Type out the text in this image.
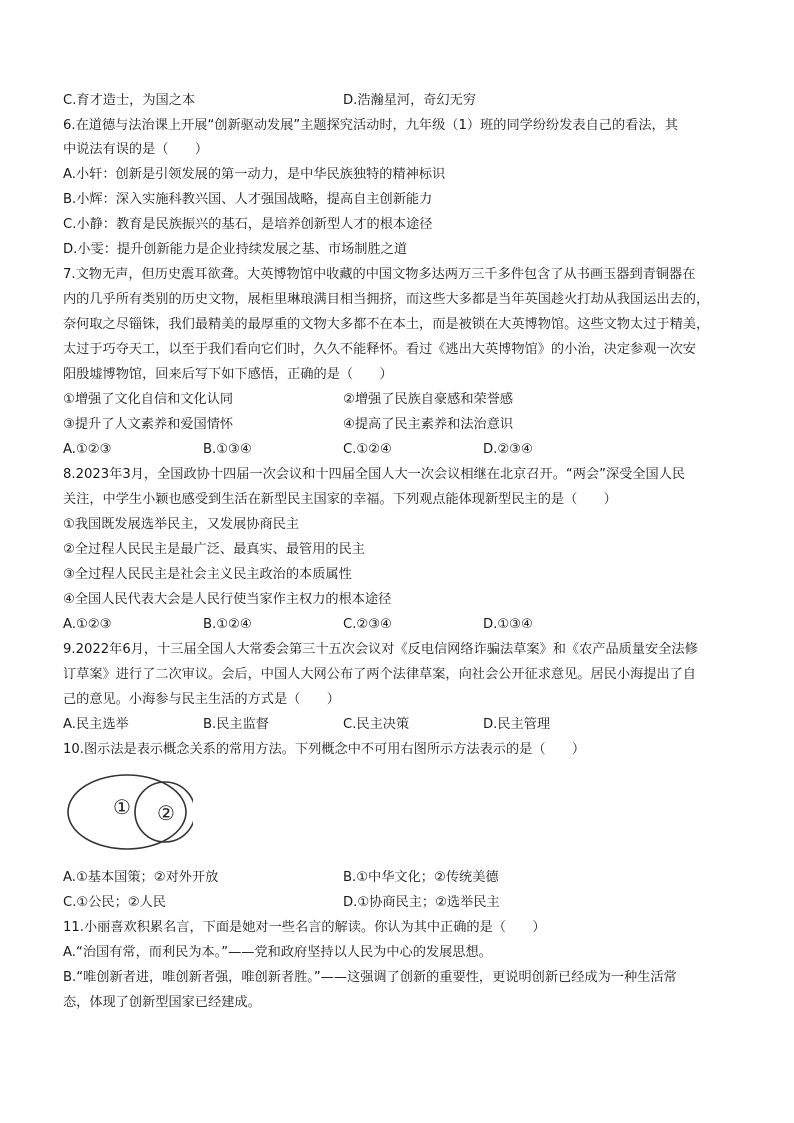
C.育才造士，为国之本	D.浩瀚星河，奇幻无穷
6.在道德与法治课上开展“创新驱动发展”主题探究活动时，九年级（1）班的同学纷纷发表自己的看法，其
中说法有误的是（　　）
A.小轩：创新是引领发展的第一动力，是中华民族独特的精神标识
B.小辉：深入实施科教兴国、人才强国战略，提高自主创新能力
C.小静：教育是民族振兴的基石，是培养创新型人才的根本途径
D.小雯：提升创新能力是企业持续发展之基、市场制胜之道
7.文物无声，但历史震耳欲聋。大英博物馆中收藏的中国文物多达两万三千多件包含了从书画玉器到青铜器在
内的几乎所有类别的历史文物，展柜里琳琅满目相当拥挤，而这些大多都是当年英国趁火打劫从我国运出去的，
奈何取之尽锱铢，我们最精美的最厚重的文物大多都不在本土，而是被锁在大英博物馆。这些文物太过于精美，
太过于巧夺天工，以至于我们看向它们时，久久不能释怀。看过《逃出大英博物馆》的小治，决定参观一次安
阳殷墟博物馆，回来后写下如下感悟，正确的是（　　）
①增强了文化自信和文化认同	②增强了民族自豪感和荣誉感
③提升了人文素养和爱国情怀	④提高了民主素养和法治意识
A.①②③	B.①③④	C.①②④	D.②③④
8.2023年3月，全国政协十四届一次会议和十四届全国人大一次会议相继在北京召开。“两会”深受全国人民
关注，中学生小颖也感受到生活在新型民主国家的幸福。下列观点能体现新型民主的是（　　）
①我国既发展选举民主，又发展协商民主
②全过程人民民主是最广泛、最真实、最管用的民主
③全过程人民民主是社会主义民主政治的本质属性
④全国人民代表大会是人民行使当家作主权力的根本途径
A.①②③	B.①②④	C.②③④	D.①③④
9.2022年6月，十三届全国人大常委会第三十五次会议对《反电信网络诈骗法草案》和《农产品质量安全法修
订草案》进行了二次审议。会后，中国人大网公布了两个法律草案，向社会公开征求意见。居民小海提出了自
己的意见。小海参与民主生活的方式是（　　）
A.民主选举	B.民主监督	C.民主决策	D.民主管理
10.图示法是表示概念关系的常用方法。下列概念中不可用右图所示方法表示的是（　　）
① ②
A.①基本国策；②对外开放	B.①中华文化；②传统美德
C.①公民；②人民	D.①协商民主；②选举民主
11.小丽喜欢积累名言，下面是她对一些名言的解读。你认为其中正确的是（　　）
A.“治国有常，而利民为本。”——党和政府坚持以人民为中心的发展思想。
B.“唯创新者进，唯创新者强，唯创新者胜。”——这强调了创新的重要性，更说明创新已经成为一种生活常
态，体现了创新型国家已经建成。
